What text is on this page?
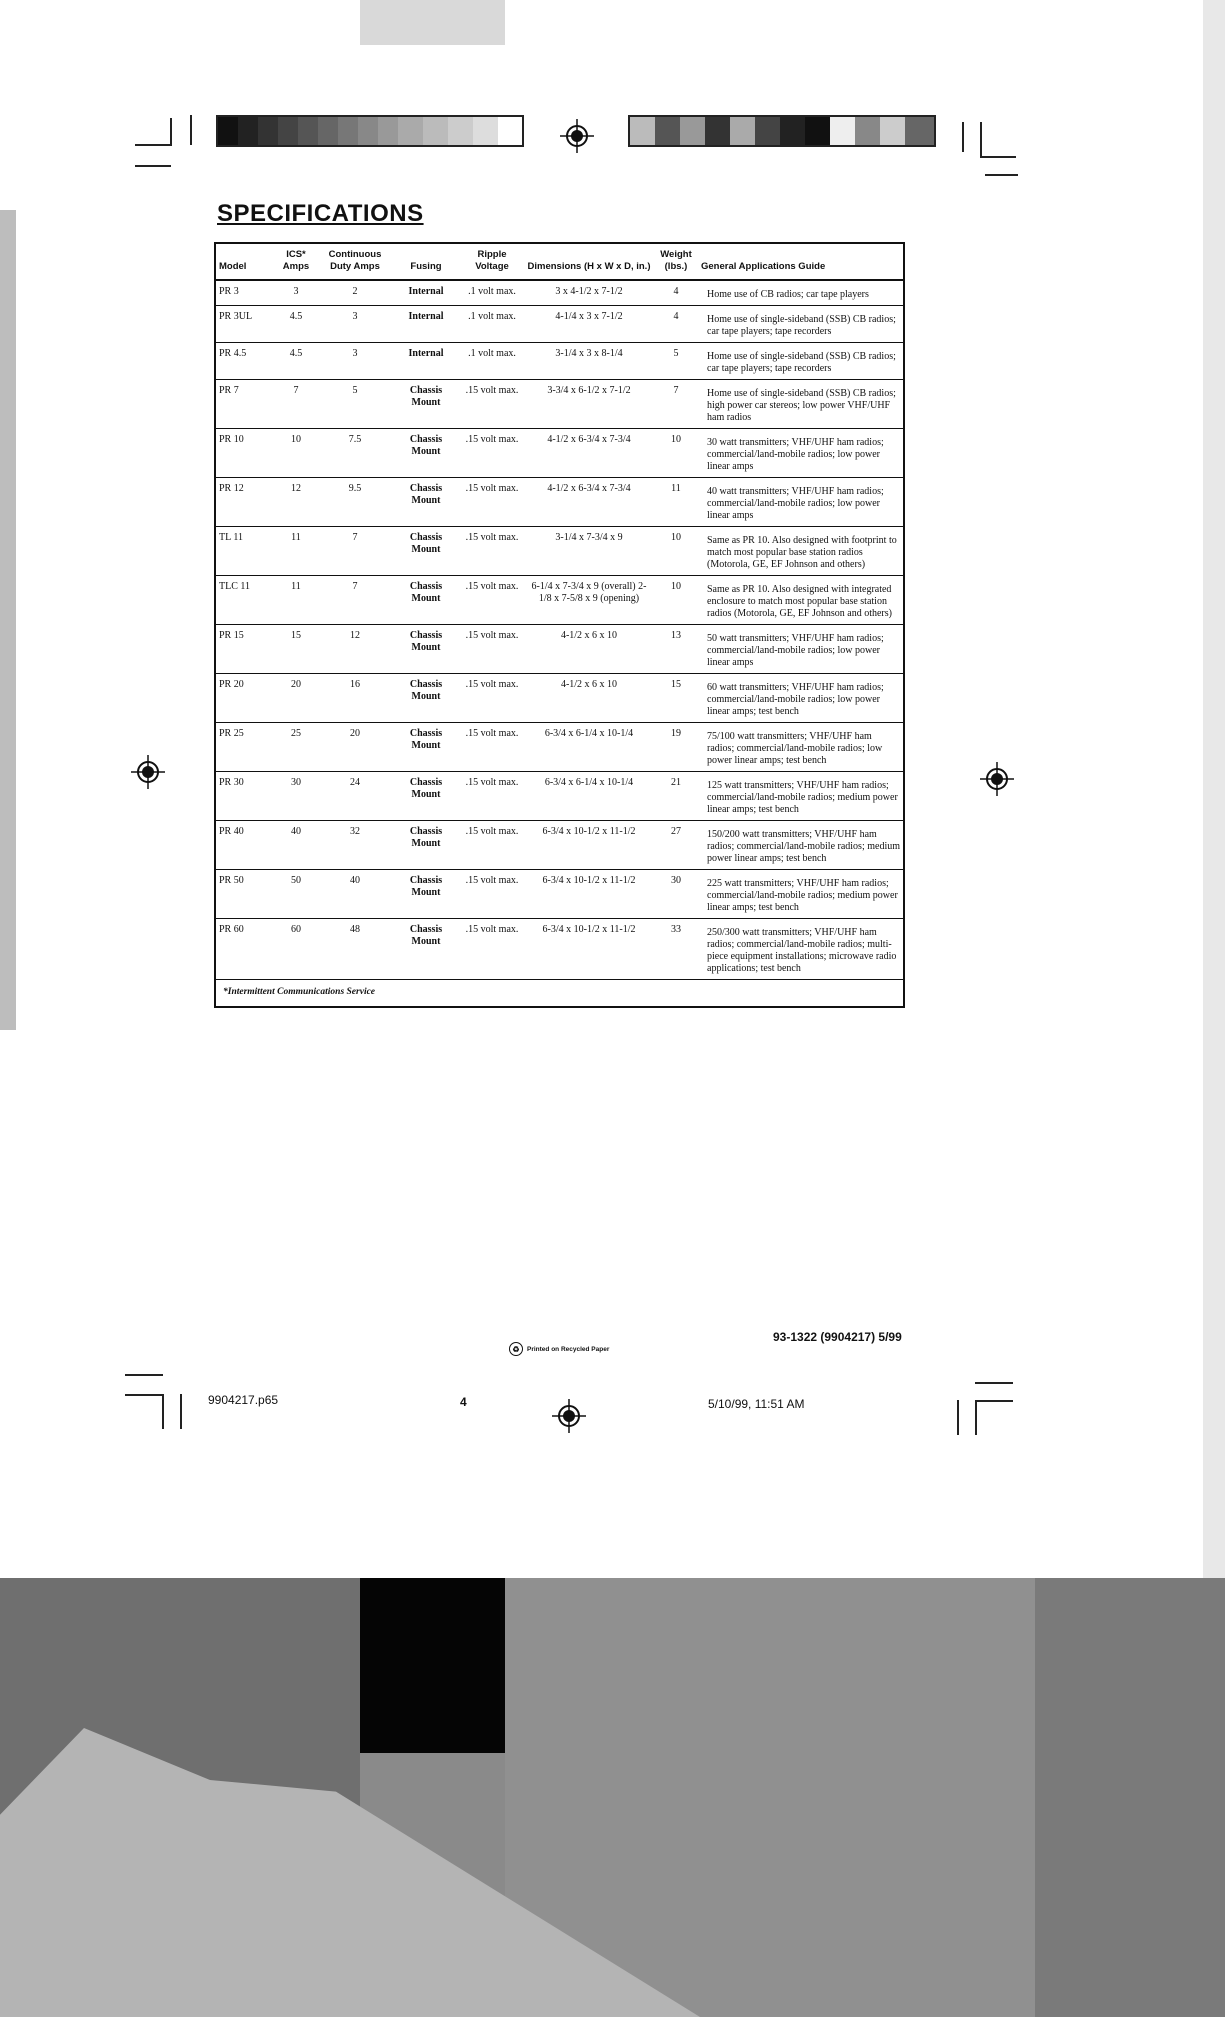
SPECIFICATIONS
Model	ICS* Amps	Continuous Duty Amps	Fusing	Ripple Voltage	Dimensions (H x W x D, in.)	Weight (lbs.)	General Applications Guide
PR 3	3	2	Internal	.1 volt max.	3 x 4-1/2 x 7-1/2	4	Home use of CB radios; car tape players
PR 3UL	4.5	3	Internal	.1 volt max.	4-1/4 x 3 x 7-1/2	4	Home use of single-sideband (SSB) CB radios; car tape players; tape recorders
PR 4.5	4.5	3	Internal	.1 volt max.	3-1/4 x 3 x 8-1/4	5	Home use of single-sideband (SSB) CB radios; car tape players; tape recorders
PR 7	7	5	Chassis Mount	.15 volt max.	3-3/4 x 6-1/2 x 7-1/2	7	Home use of single-sideband (SSB) CB radios; high power car stereos; low power VHF/UHF ham radios
PR 10	10	7.5	Chassis Mount	.15 volt max.	4-1/2 x 6-3/4 x 7-3/4	10	30 watt transmitters; VHF/UHF ham radios; commercial/land-mobile radios; low power linear amps
PR 12	12	9.5	Chassis Mount	.15 volt max.	4-1/2 x 6-3/4 x 7-3/4	11	40 watt transmitters; VHF/UHF ham radios; commercial/land-mobile radios; low power linear amps
TL 11	11	7	Chassis Mount	.15 volt max.	3-1/4 x 7-3/4 x 9	10	Same as PR 10. Also designed with footprint to match most popular base station radios (Motorola, GE, EF Johnson and others)
TLC 11	11	7	Chassis Mount	.15 volt max.	6-1/4 x 7-3/4 x 9 (overall) 2-1/8 x 7-5/8 x 9 (opening)	10	Same as PR 10. Also designed with integrated enclosure to match most popular base station radios (Motorola, GE, EF Johnson and others)
PR 15	15	12	Chassis Mount	.15 volt max.	4-1/2 x 6 x 10	13	50 watt transmitters; VHF/UHF ham radios; commercial/land-mobile radios; low power linear amps
PR 20	20	16	Chassis Mount	.15 volt max.	4-1/2 x 6 x 10	15	60 watt transmitters; VHF/UHF ham radios; commercial/land-mobile radios; low power linear amps; test bench
PR 25	25	20	Chassis Mount	.15 volt max.	6-3/4 x 6-1/4 x 10-1/4	19	75/100 watt transmitters; VHF/UHF ham radios; commercial/land-mobile radios; low power linear amps; test bench
PR 30	30	24	Chassis Mount	.15 volt max.	6-3/4 x 6-1/4 x 10-1/4	21	125 watt transmitters; VHF/UHF ham radios; commercial/land-mobile radios; medium power linear amps; test bench
PR 40	40	32	Chassis Mount	.15 volt max.	6-3/4 x 10-1/2 x 11-1/2	27	150/200 watt transmitters; VHF/UHF ham radios; commercial/land-mobile radios; medium power linear amps; test bench
PR 50	50	40	Chassis Mount	.15 volt max.	6-3/4 x 10-1/2 x 11-1/2	30	225 watt transmitters; VHF/UHF ham radios; commercial/land-mobile radios; medium power linear amps; test bench
PR 60	60	48	Chassis Mount	.15 volt max.	6-3/4 x 10-1/2 x 11-1/2	33	250/300 watt transmitters; VHF/UHF ham radios; commercial/land-mobile radios; multi-piece equipment installations; microwave radio applications; test bench
*Intermittent Communications Service							
93-1322 (9904217) 5/99
♻	Printed on Recycled Paper
9904217.p65	4	5/10/99, 11:51 AM
